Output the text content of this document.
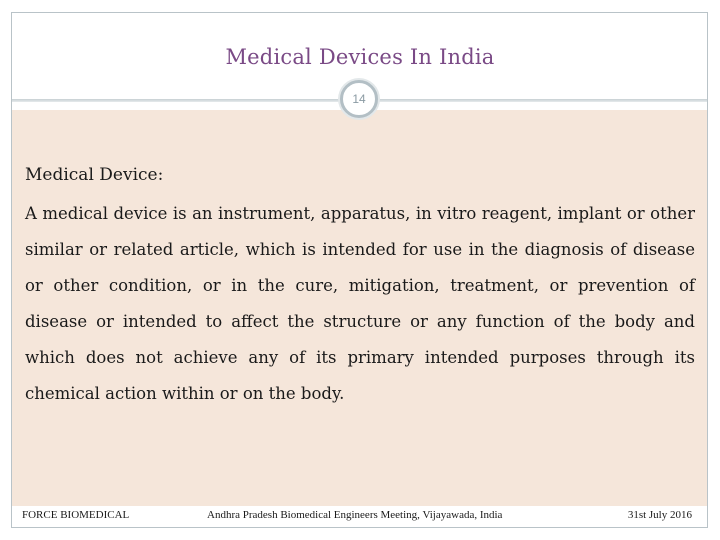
Medical Devices In India
14
Medical Device:

A medical device is an instrument, apparatus, in vitro reagent, implant or other similar or related article, which is intended for use in the diagnosis of disease or other condition, or in the cure, mitigation, treatment, or prevention of disease or intended to affect the structure or any function of the body and which does not achieve any of its primary intended purposes through its chemical action within or on the body.

FORCE BIOMEDICAL	Andhra Pradesh Biomedical Engineers Meeting, Vijayawada, India	31st July 2016
